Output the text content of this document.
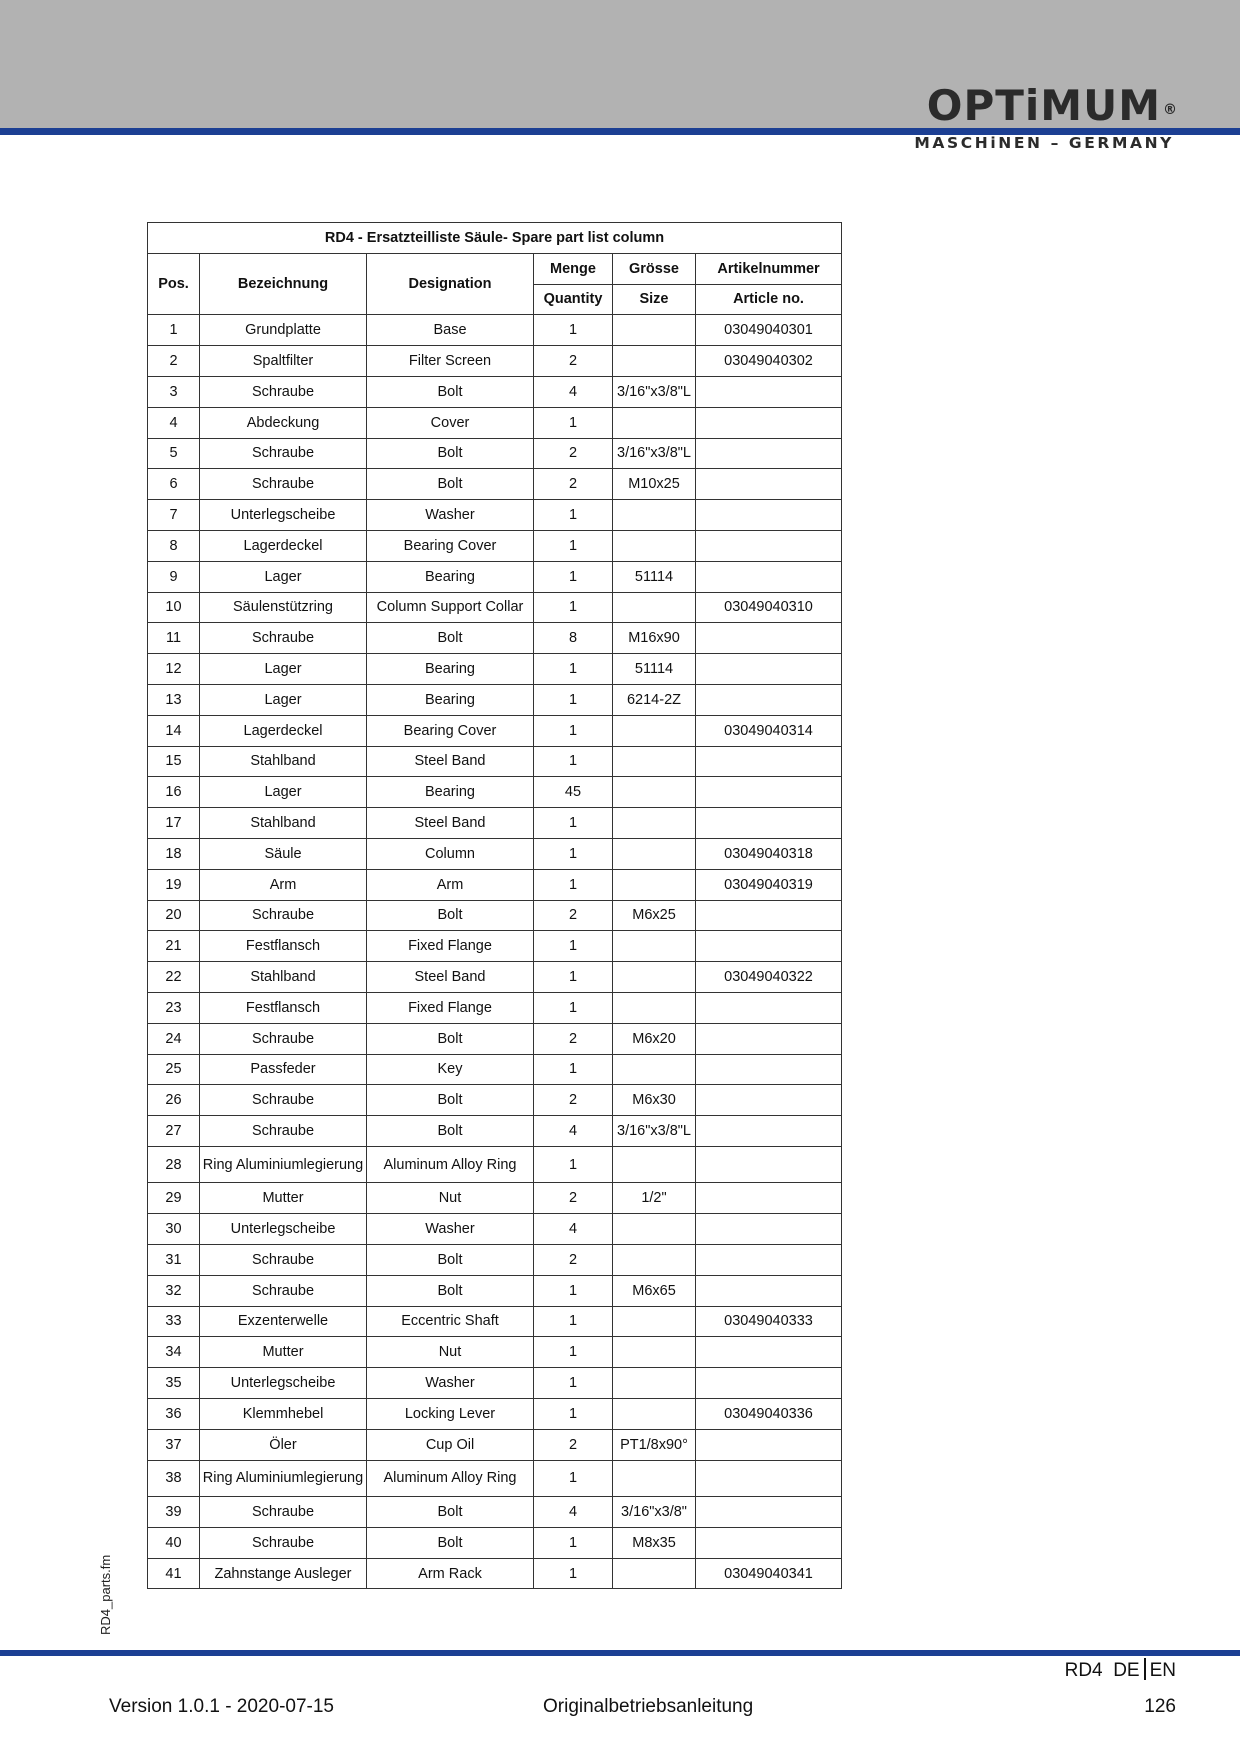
OPTiMUM ®
MASCHiNEN – GERMANY
RD4 - Ersatzteilliste Säule- Spare part list column					
Pos.	Bezeichnung	Designation	Menge	Grösse	Artikelnummer
			Quantity	Size	Article no.
1	Grundplatte	Base	1		03049040301
2	Spaltfilter	Filter Screen	2		03049040302
3	Schraube	Bolt	4	3/16"x3/8"L	
4	Abdeckung	Cover	1		
5	Schraube	Bolt	2	3/16"x3/8"L	
6	Schraube	Bolt	2	M10x25	
7	Unterlegscheibe	Washer	1		
8	Lagerdeckel	Bearing Cover	1		
9	Lager	Bearing	1	51114	
10	Säulenstützring	Column Support Collar	1		03049040310
11	Schraube	Bolt	8	M16x90	
12	Lager	Bearing	1	51114	
13	Lager	Bearing	1	6214-2Z	
14	Lagerdeckel	Bearing Cover	1		03049040314
15	Stahlband	Steel Band	1		
16	Lager	Bearing	45		
17	Stahlband	Steel Band	1		
18	Säule	Column	1		03049040318
19	Arm	Arm	1		03049040319
20	Schraube	Bolt	2	M6x25	
21	Festflansch	Fixed Flange	1		
22	Stahlband	Steel Band	1		03049040322
23	Festflansch	Fixed Flange	1		
24	Schraube	Bolt	2	M6x20	
25	Passfeder	Key	1		
26	Schraube	Bolt	2	M6x30	
27	Schraube	Bolt	4	3/16"x3/8"L	
28	Ring Aluminiumlegierung	Aluminum Alloy Ring	1		
29	Mutter	Nut	2	1/2"	
30	Unterlegscheibe	Washer	4		
31	Schraube	Bolt	2		
32	Schraube	Bolt	1	M6x65	
33	Exzenterwelle	Eccentric Shaft	1		03049040333
34	Mutter	Nut	1		
35	Unterlegscheibe	Washer	1		
36	Klemmhebel	Locking Lever	1		03049040336
37	Öler	Cup Oil	2	PT1/8x90°	
38	Ring Aluminiumlegierung	Aluminum Alloy Ring	1		
39	Schraube	Bolt	4	3/16"x3/8"	
40	Schraube	Bolt	1	M8x35	
41	Zahnstange Ausleger	Arm Rack	1		03049040341
RD4_parts.fm
RD4 DE EN
Version 1.0.1 - 2020-07-15	Originalbetriebsanleitung	126
